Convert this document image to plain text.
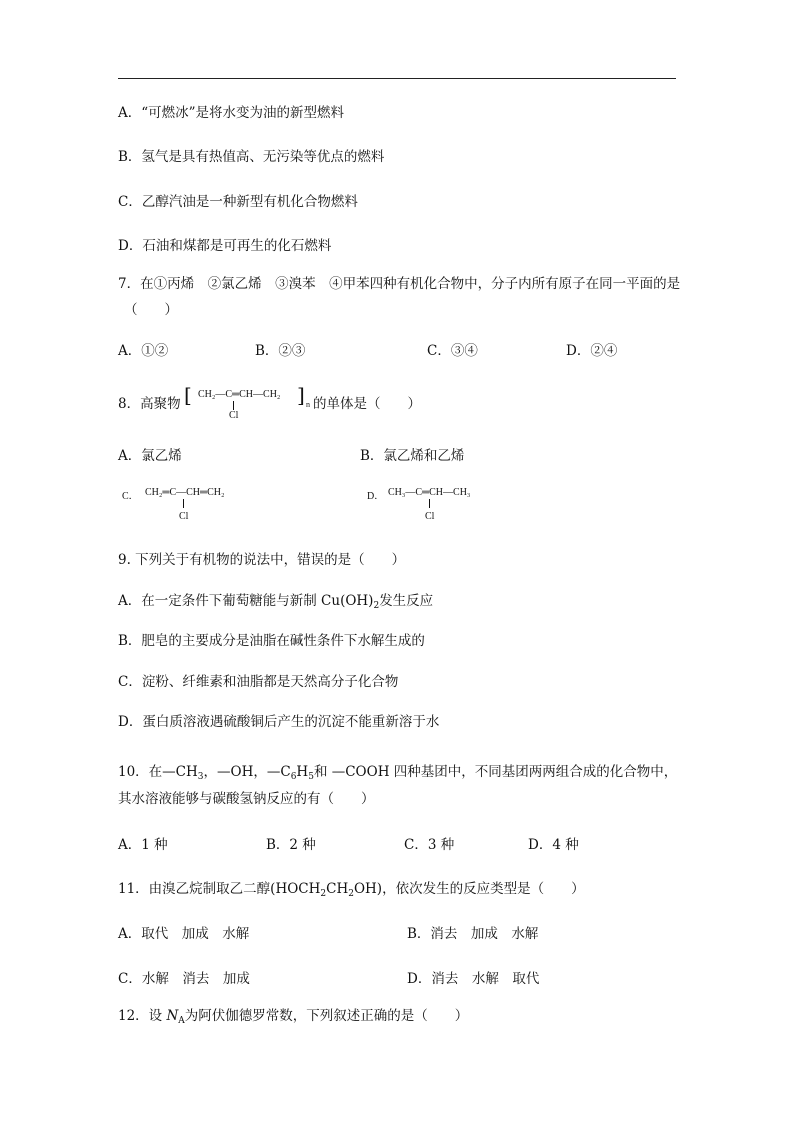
A．“可燃冰”是将水变为油的新型燃料
B．氢气是具有热值高、无污染等优点的燃料
C．乙醇汽油是一种新型有机化合物燃料
D．石油和煤都是可再生的化石燃料
7．在①丙烯　②氯乙烯　③溴苯　④甲苯四种有机化合物中，分子内所有原子在同一平面的是
（　　）
A．①②	B．②③	C．③④	D．②④
8．高聚物 [ CH₂—C═CH—CH₂ ] n
Cl
的单体是（　　）
A．氯乙烯	B．氯乙烯和乙烯
C． CH₂═C—CH═CH₂
Cl
D． CH₃—C═CH—CH₃
Cl
9. 下列关于有机物的说法中，错误的是（　　）
A．在一定条件下葡萄糖能与新制 $Cu(OH)_2$发生反应
B．肥皂的主要成分是油脂在碱性条件下水解生成的
C．淀粉、纤维素和油脂都是天然高分子化合物
D．蛋白质溶液遇硫酸铜后产生的沉淀不能重新溶于水
10．在$—CH_3$，—OH，$—C_6H_5$和 —COOH 四种基团中，不同基团两两组合成的化合物中，
其水溶液能够与碳酸氢钠反应的有（　　）
A．1 种	B．2 种	C．3 种	D．4 种
11．由溴乙烷制取乙二醇$(HOCH_2CH_2OH)$，依次发生的反应类型是（　　）
A．取代　加成　水解	B．消去　加成　水解
C．水解　消去　加成	D．消去　水解　取代
12．设 $N_A$为阿伏伽德罗常数，下列叙述正确的是（　　）
